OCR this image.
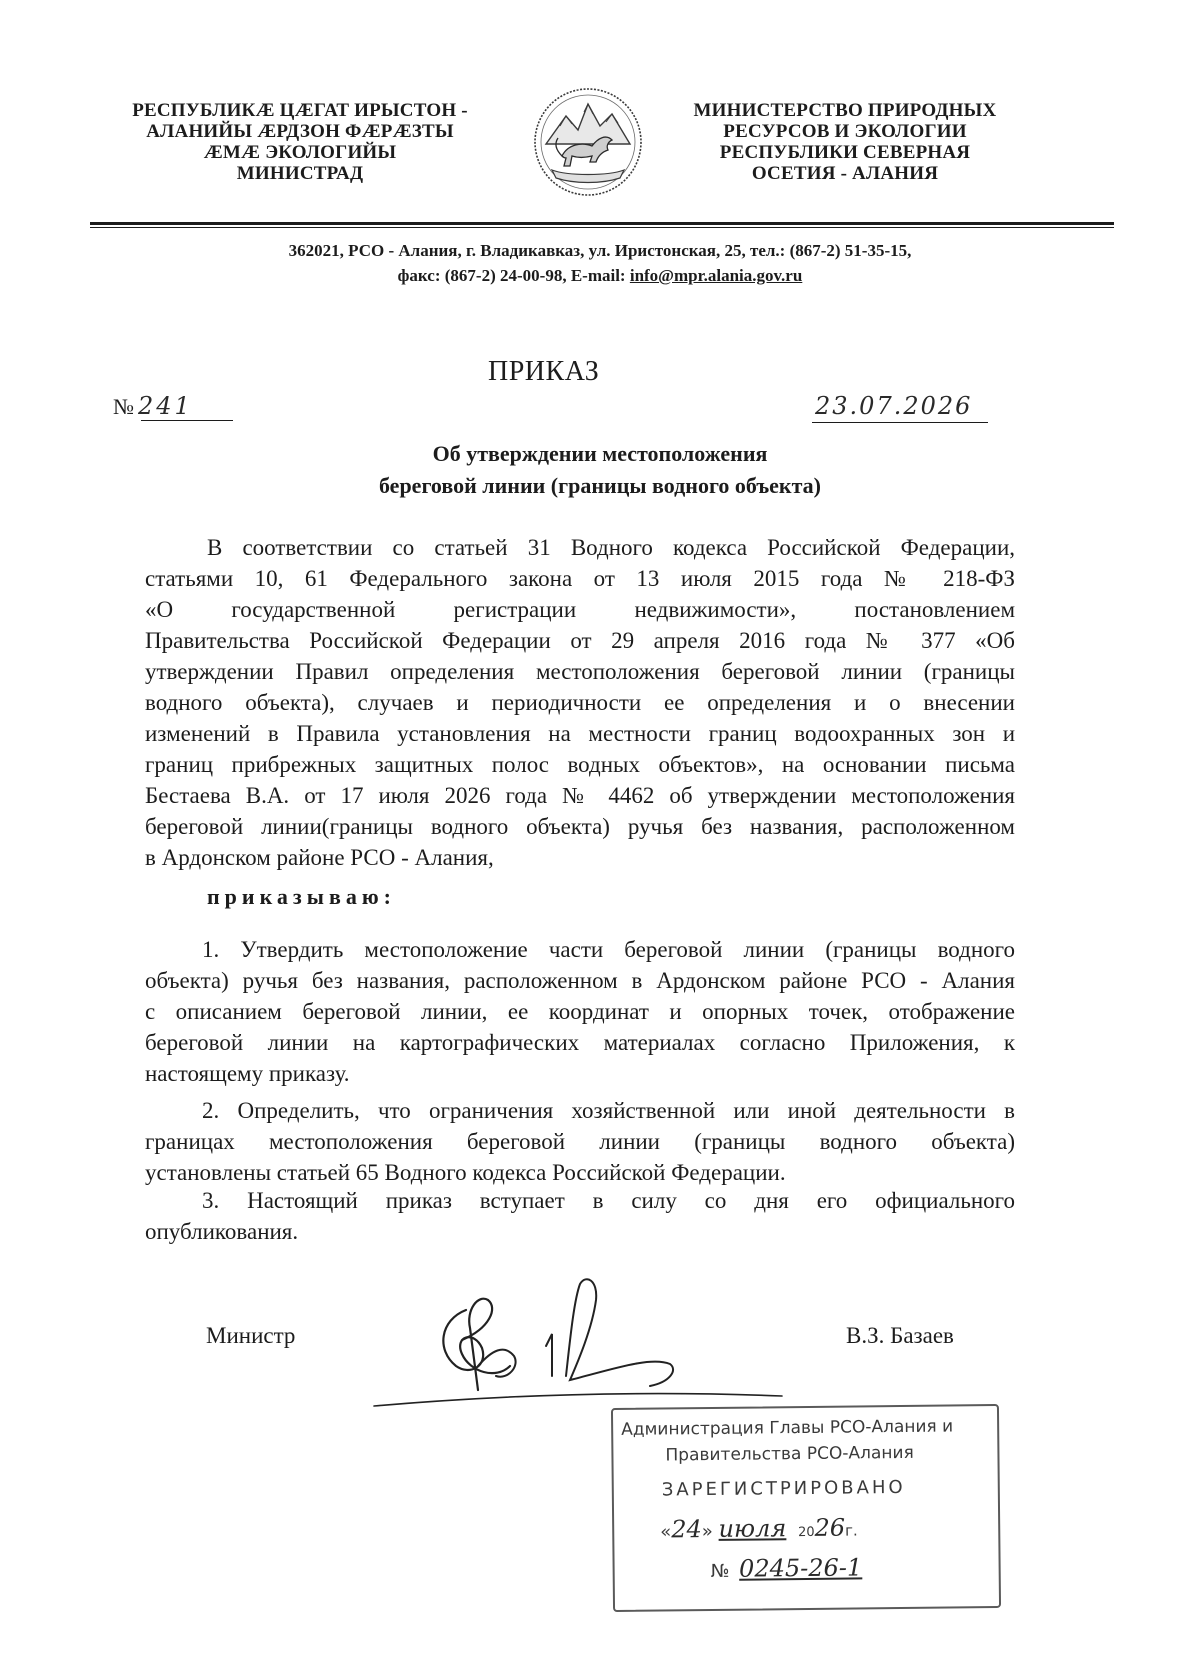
РЕСПУБЛИКÆ ЦÆГАТ ИРЫСТОН -
АЛАНИЙЫ ÆРДЗОН ФÆРÆЗТЫ
ÆМÆ ЭКОЛОГИЙЫ
МИНИСТРАД
МИНИСТЕРСТВО ПРИРОДНЫХ
РЕСУРСОВ И ЭКОЛОГИИ
РЕСПУБЛИКИ СЕВЕРНАЯ
ОСЕТИЯ - АЛАНИЯ
362021, РСО - Алания, г. Владикавказ, ул. Иристонская, 25, тел.: (867-2) 51-35-15,
факс: (867-2) 24-00-98, E-mail: info@mpr.alania.gov.ru
ПРИКАЗ
№ 241	23.07.2026
Об утверждении местоположения
береговой линии (границы водного объекта)
В соответствии со статьей 31 Водного кодекса Российской Федерации,
статьями 10, 61 Федерального закона от 13 июля 2015 года № 218-ФЗ
«О государственной регистрации недвижимости», постановлением
Правительства Российской Федерации от 29 апреля 2016 года № 377 «Об
утверждении Правил определения местоположения береговой линии (границы
водного объекта), случаев и периодичности ее определения и о внесении
изменений в Правила установления на местности границ водоохранных зон и
границ прибрежных защитных полос водных объектов», на основании письма
Бестаева В.А. от 17 июля 2026 года № 4462 об утверждении местоположения
береговой линии(границы водного объекта) ручья без названия, расположенном
в Ардонском районе РСО - Алания,
приказываю:
1. Утвердить местоположение части береговой линии (границы водного
объекта) ручья без названия, расположенном в Ардонском районе РСО - Алания
с описанием береговой линии, ее координат и опорных точек, отображение
береговой линии на картографических материалах согласно Приложения, к
настоящему приказу.
2. Определить, что ограничения хозяйственной или иной деятельности в
границах местоположения береговой линии (границы водного объекта)
установлены статьей 65 Водного кодекса Российской Федерации.
3. Настоящий приказ вступает в силу со дня его официального
опубликования.
Министр	В.З. Базаев
Администрация Главы РСО-Алания и
Правительства РСО-Алания
ЗАРЕГИСТРИРОВАНО
«24» июля 2026г.
№ 0245-26-1
